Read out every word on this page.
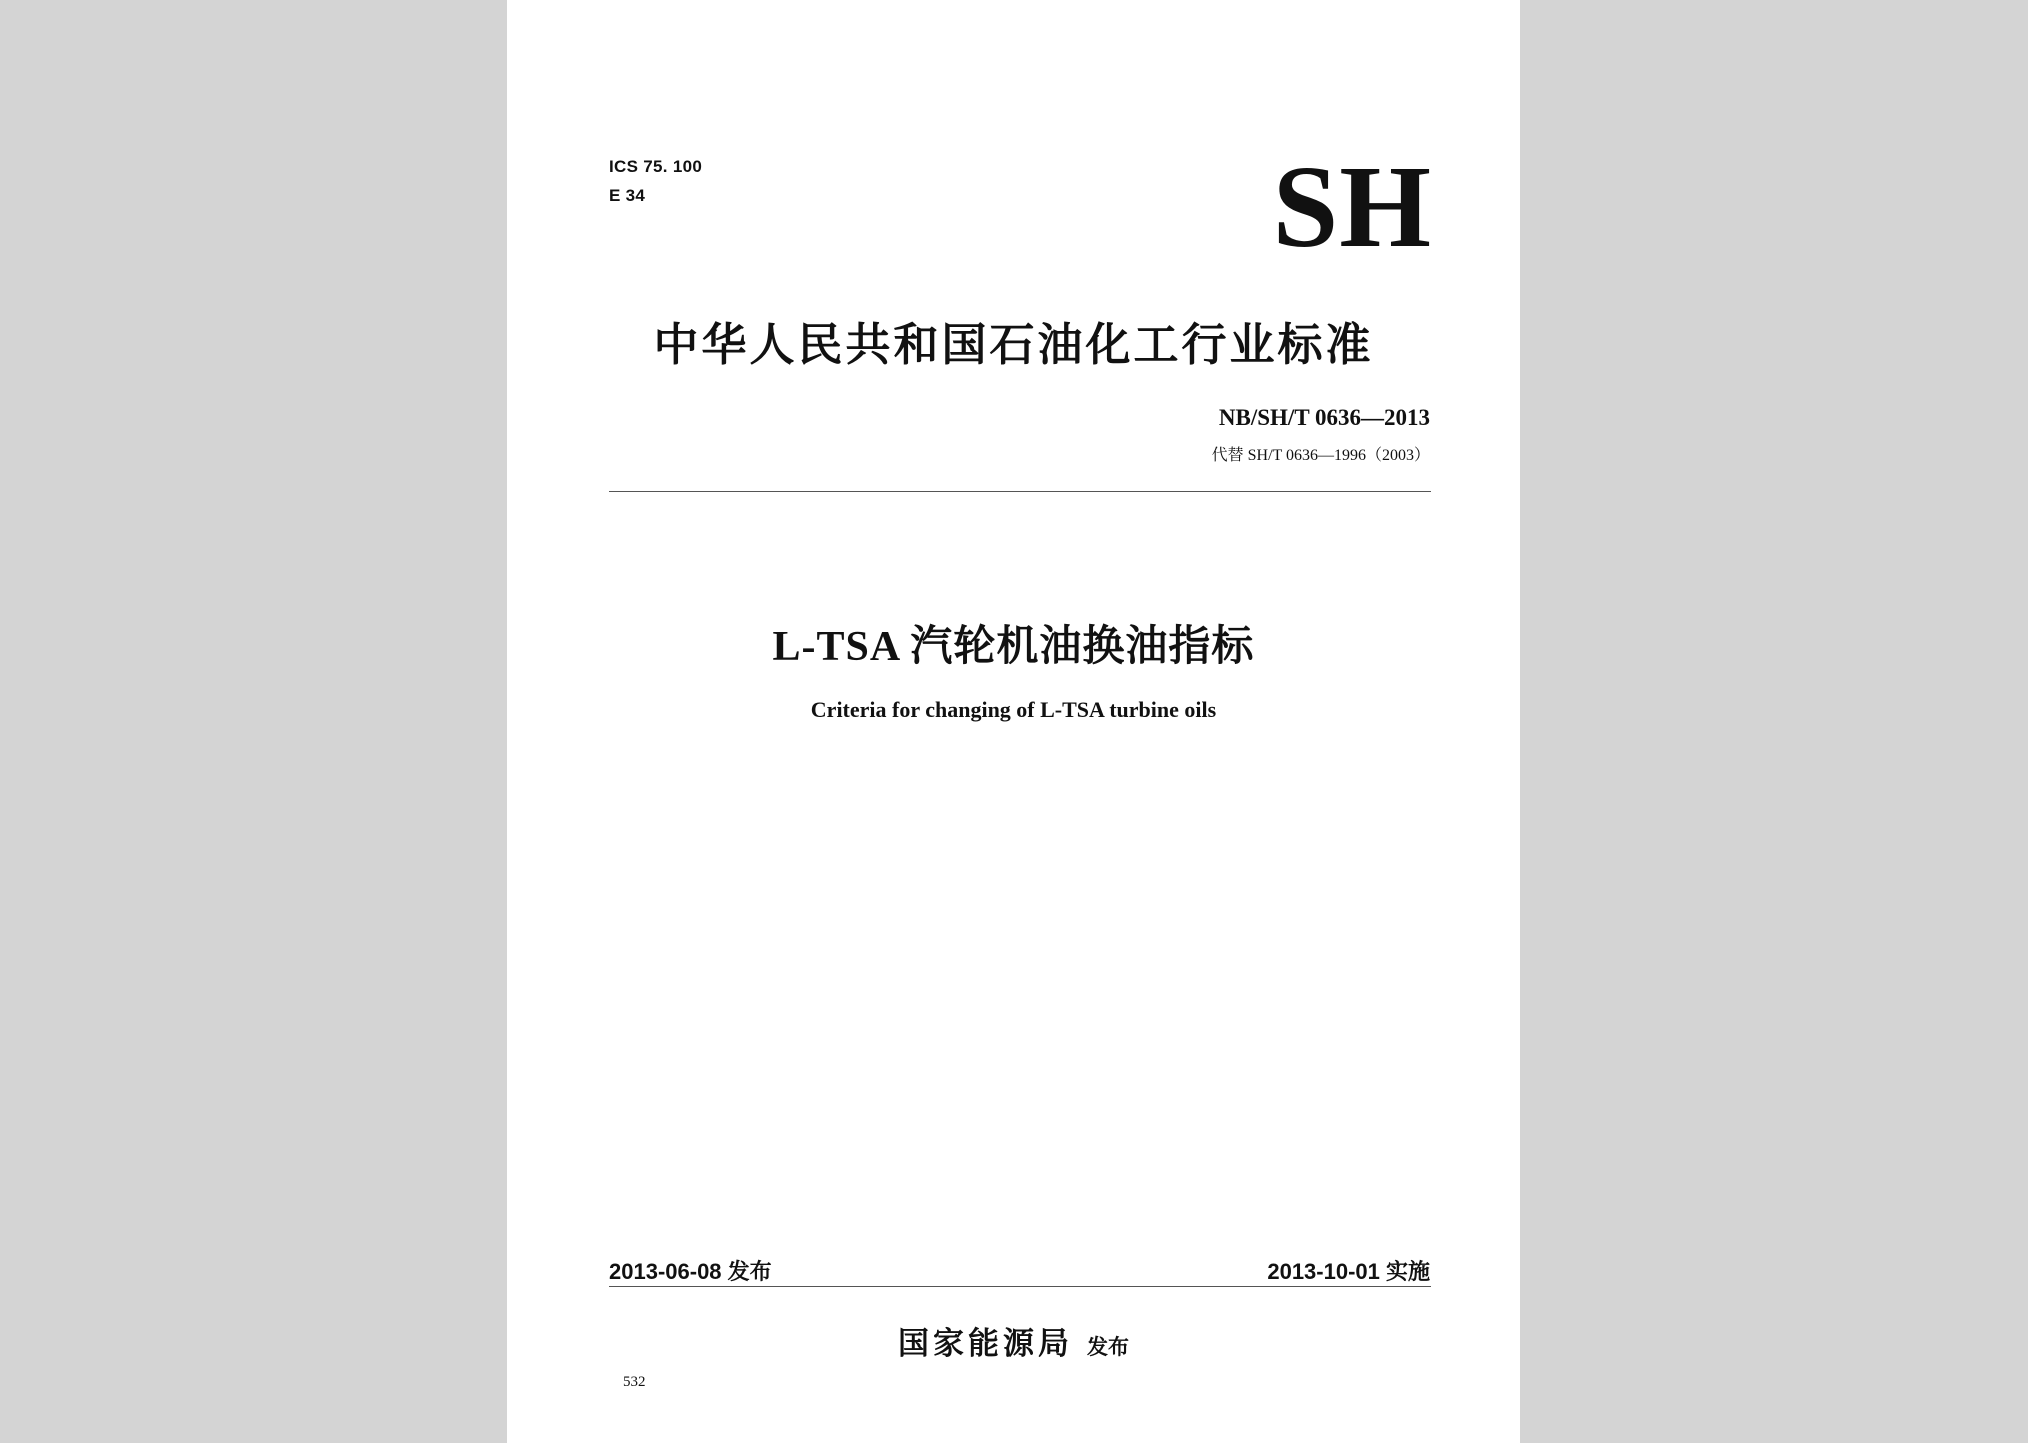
ICS 75. 100
E 34	SH
中华人民共和国石油化工行业标准
NB/SH/T 0636—2013
代替 SH/T 0636—1996（2003）
L-TSA 汽轮机油换油指标
Criteria for changing of L-TSA turbine oils
2013-06-08 发布	2013-10-01 实施
国家能源局 发布
532
